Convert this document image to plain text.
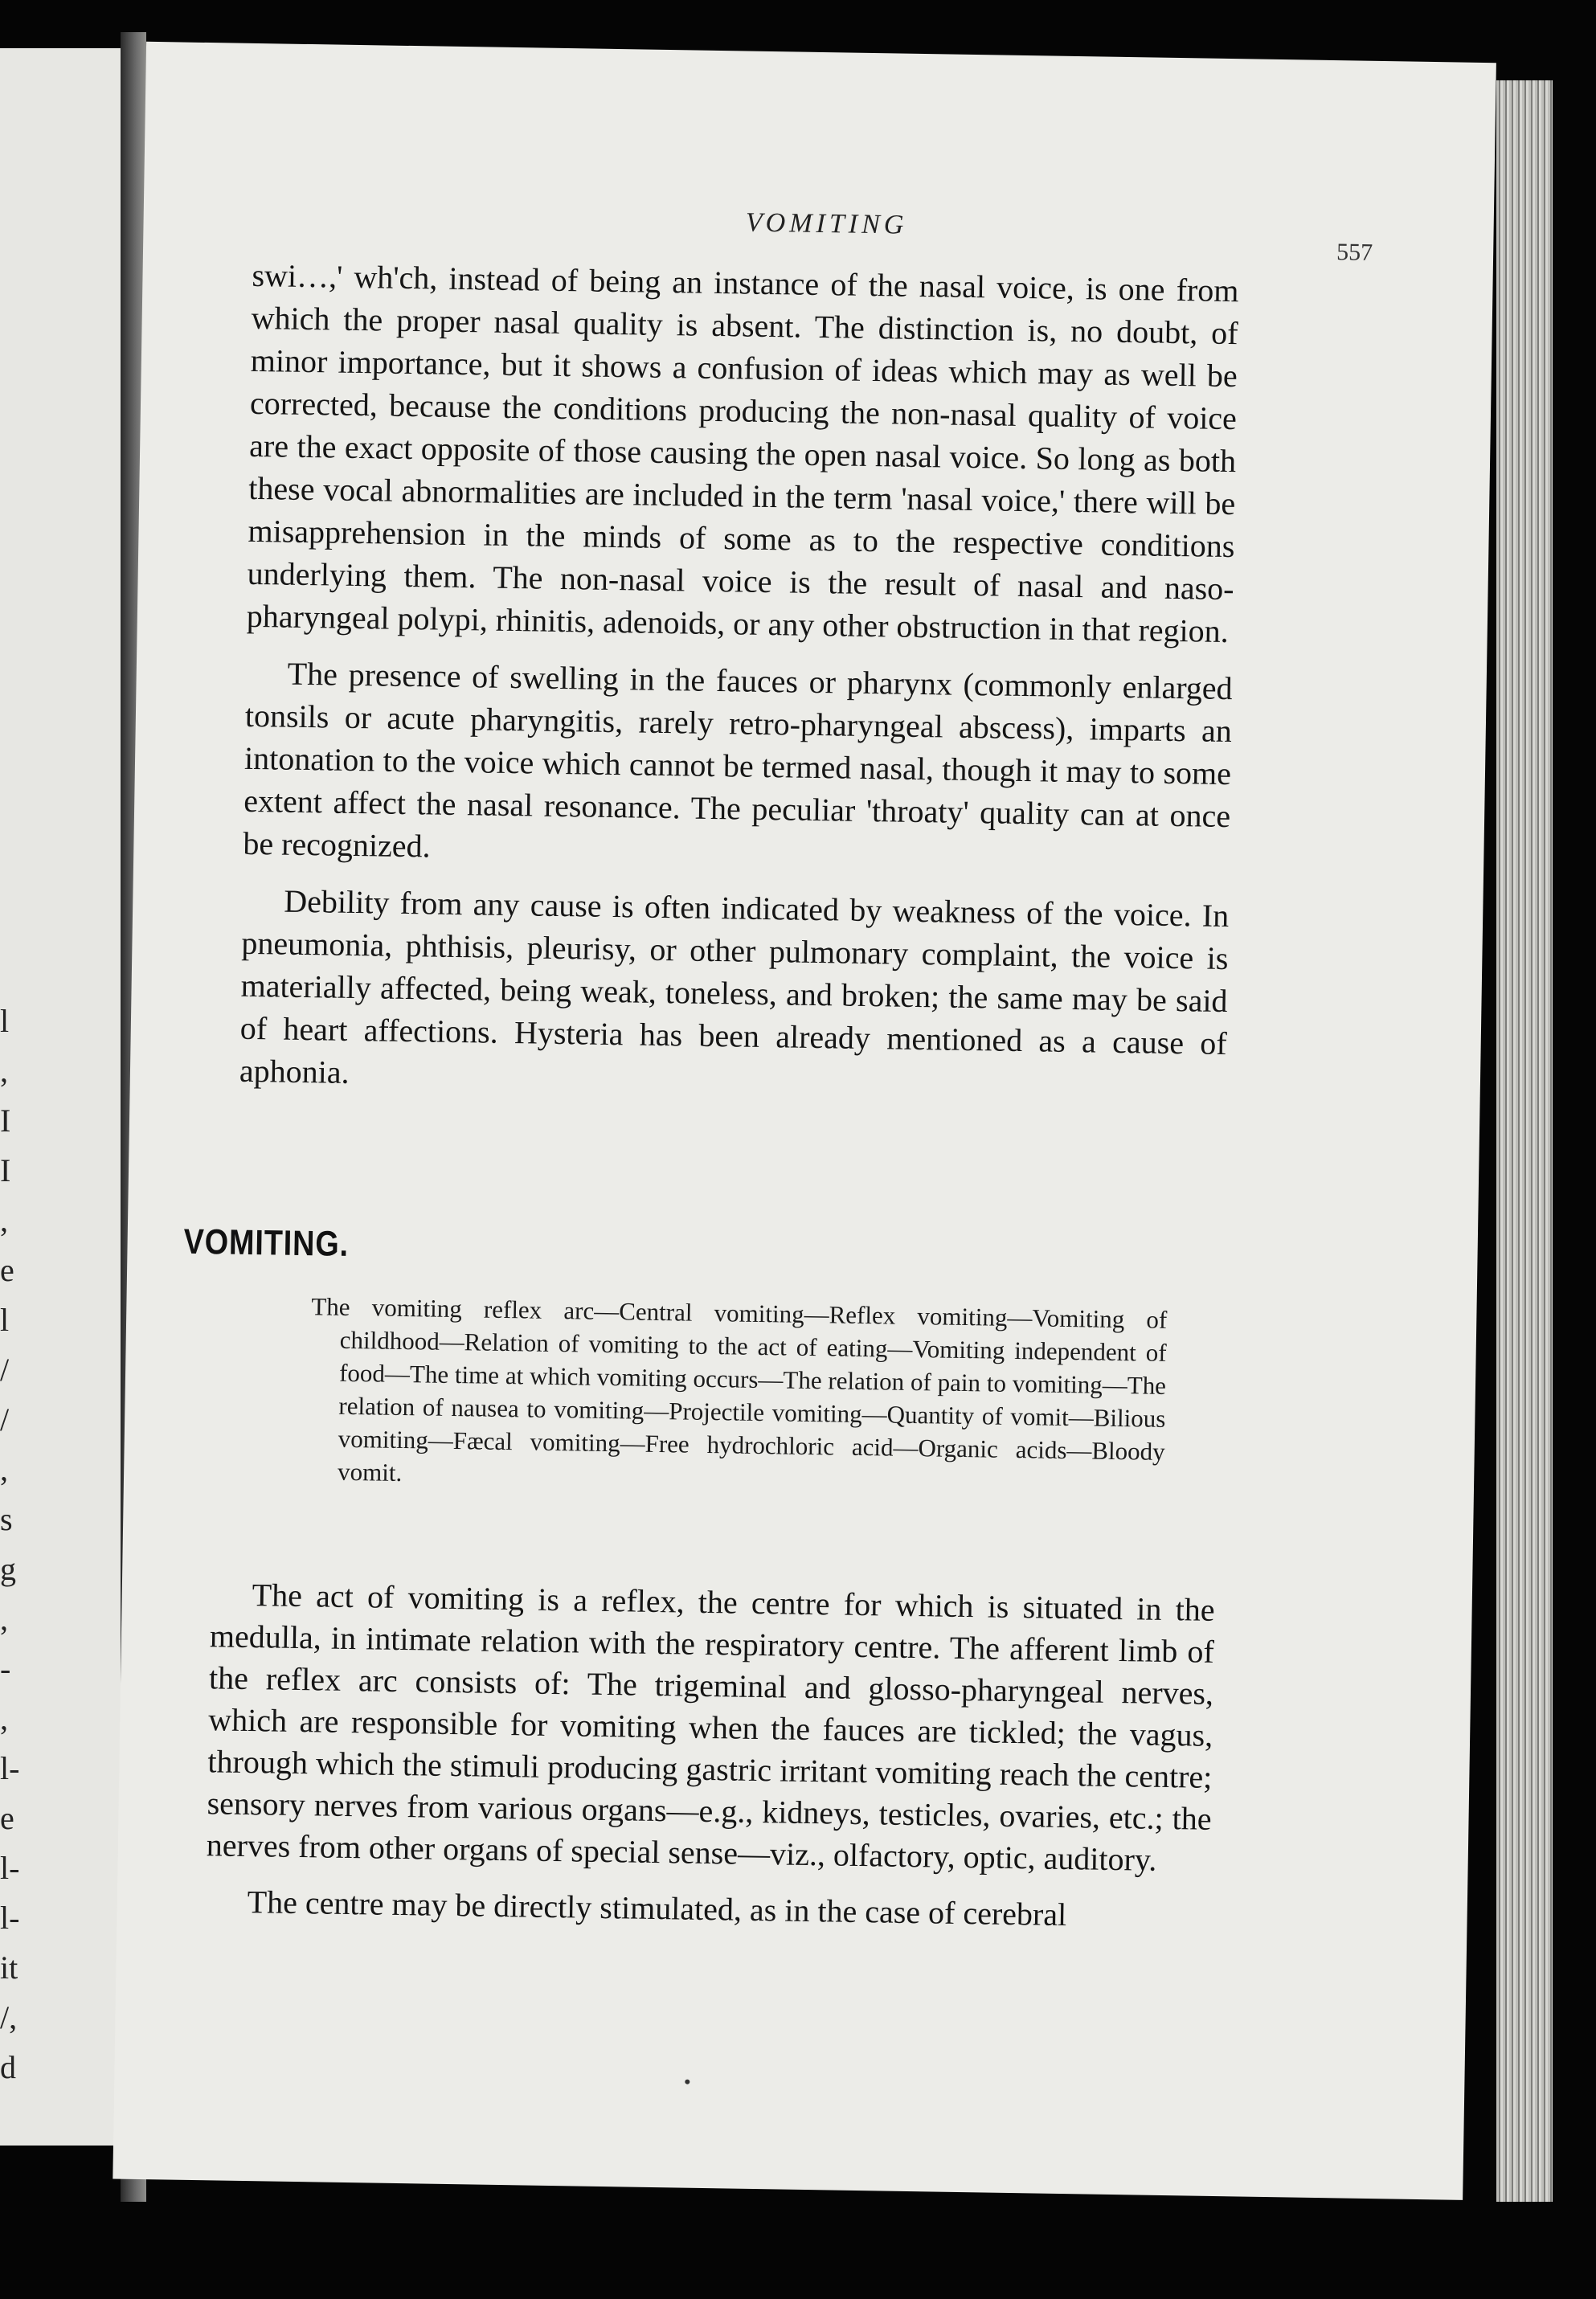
l
,
I
I
,
e
l
/
/
,
s
g
,
-
,
l-
e
l-
l-
it
/,
d
VOMITING
557

swi…,' wh'ch, instead of being an instance of the nasal voice, is one from which the proper nasal quality is absent. The distinction is, no doubt, of minor importance, but it shows a confusion of ideas which may as well be corrected, because the conditions producing the non-nasal quality of voice are the exact opposite of those causing the open nasal voice. So long as both these vocal abnormalities are included in the term 'nasal voice,' there will be misapprehension in the minds of some as to the respective conditions underlying them. The non-nasal voice is the result of nasal and naso-pharyngeal polypi, rhinitis, adenoids, or any other obstruction in that region.

The presence of swelling in the fauces or pharynx (commonly enlarged tonsils or acute pharyngitis, rarely retro-pharyngeal abscess), imparts an intonation to the voice which cannot be termed nasal, though it may to some extent affect the nasal resonance. The peculiar 'throaty' quality can at once be recognized.

Debility from any cause is often indicated by weakness of the voice. In pneumonia, phthisis, pleurisy, or other pulmonary complaint, the voice is materially affected, being weak, toneless, and broken; the same may be said of heart affections. Hysteria has been already mentioned as a cause of aphonia.

VOMITING.

The vomiting reflex arc—Central vomiting—Reflex vomiting—Vomiting of childhood—Relation of vomiting to the act of eating—Vomiting independent of food—The time at which vomiting occurs—The relation of pain to vomiting—The relation of nausea to vomiting—Projectile vomiting—Quantity of vomit—Bilious vomiting—Fæcal vomiting—Free hydrochloric acid—Organic acids—Bloody vomit.

The act of vomiting is a reflex, the centre for which is situated in the medulla, in intimate relation with the respiratory centre. The afferent limb of the reflex arc consists of: The trigeminal and glosso-pharyngeal nerves, which are responsible for vomiting when the fauces are tickled; the vagus, through which the stimuli producing gastric irritant vomiting reach the centre; sensory nerves from various organs—e.g., kidneys, testicles, ovaries, etc.; the nerves from other organs of special sense—viz., olfactory, optic, auditory.

The centre may be directly stimulated, as in the case of cerebral
